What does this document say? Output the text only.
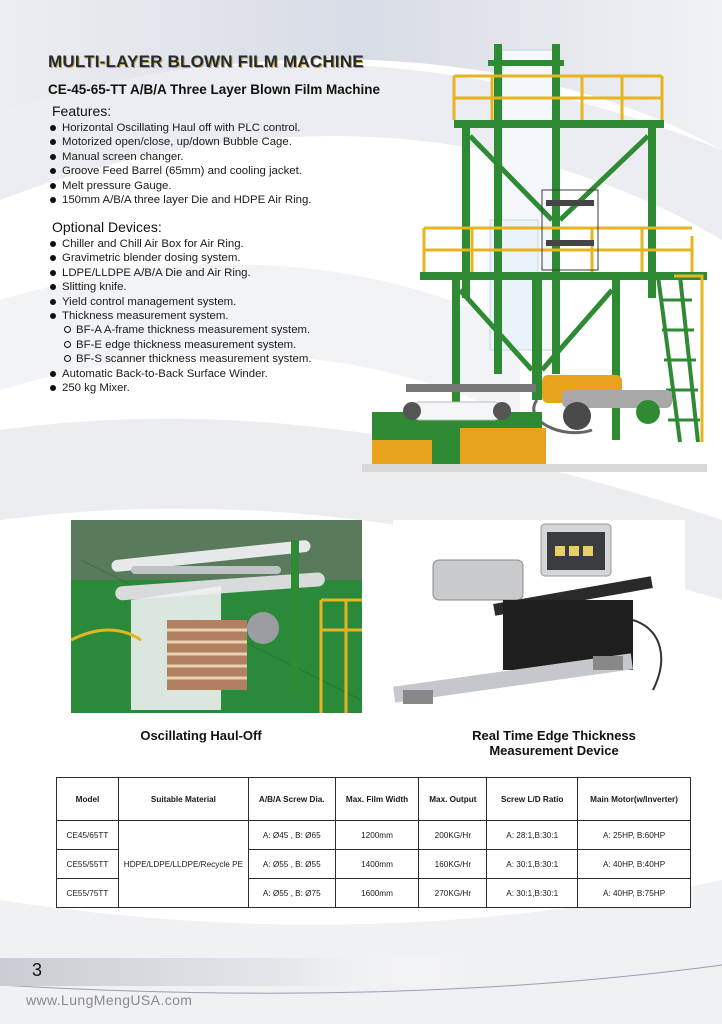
MULTI-LAYER BLOWN FILM MACHINE
CE-45-65-TT A/B/A Three Layer Blown Film Machine
Features:
Horizontal Oscillating Haul off with PLC control.
Motorized open/close, up/down Bubble Cage.
Manual screen changer.
Groove Feed Barrel (65mm) and cooling jacket.
Melt pressure Gauge.
150mm A/B/A three layer Die and HDPE Air Ring.
Optional Devices:
Chiller and Chill Air Box for Air Ring.
Gravimetric blender dosing system.
LDPE/LLDPE A/B/A Die and Air Ring.
Slitting knife.
Yield control management system.
Thickness measurement system.
BF-A A-frame thickness measurement system.
BF-E edge thickness measurement system.
BF-S scanner thickness measurement system.
Automatic Back-to-Back Surface Winder.
250 kg Mixer.
Oscillating Haul-Off	Real Time Edge Thickness
Measurement Device
Model	Suitable Material	A/B/A Screw Dia.	Max. Film Width	Max. Output	Screw L/D Ratio	Main Motor(w/Inverter)
CE45/65TT	HDPE/LDPE/LLDPE/Recycle PE	A: Ø45 , B: Ø65	1200mm	200KG/Hr	A: 28:1,B:30:1	A: 25HP, B:60HP
CE55/55TT		A: Ø55 , B: Ø55	1400mm	160KG/Hr	A: 30:1,B:30:1	A: 40HP, B:40HP
CE55/75TT		A: Ø55 , B: Ø75	1600mm	270KG/Hr	A: 30:1,B:30:1	A: 40HP, B:75HP
3
www.LungMengUSA.com
